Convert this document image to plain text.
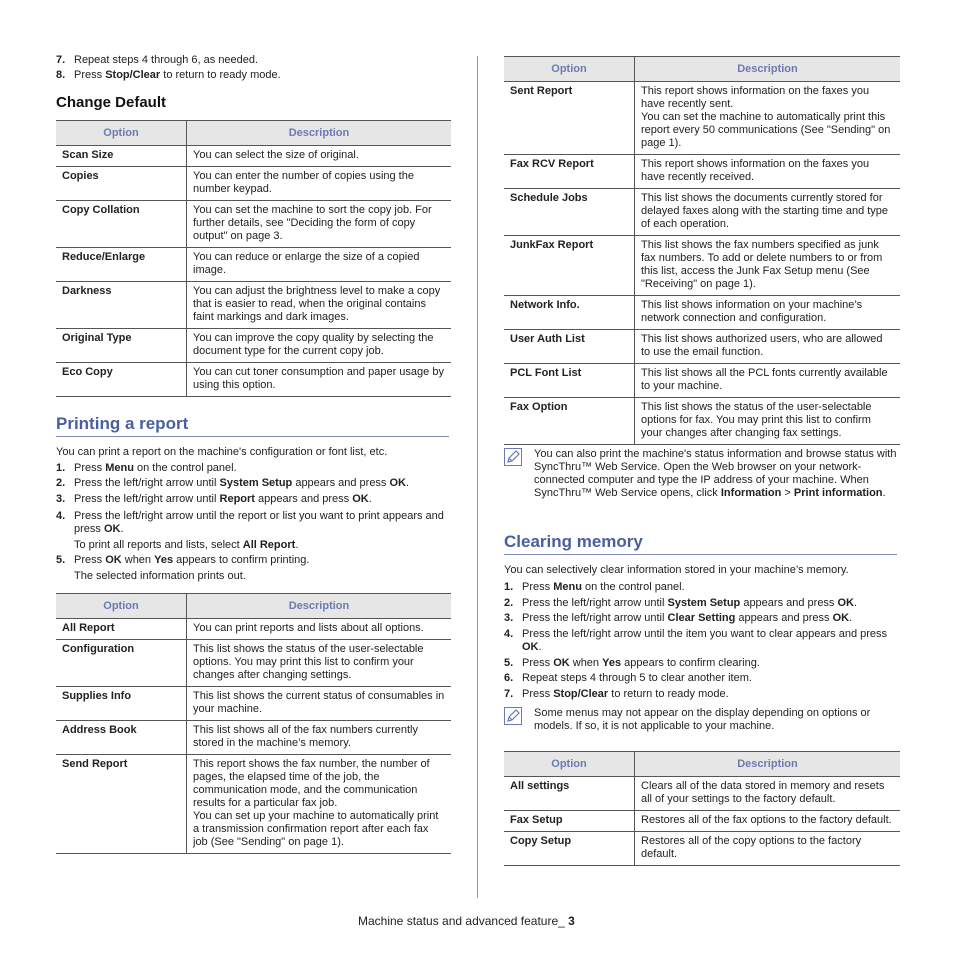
7. Repeat steps 4 through 6, as needed.
8. Press Stop/Clear to return to ready mode.
Change Default
Option	Description
Scan Size	You can select the size of original.
Copies	You can enter the number of copies using the number keypad.
Copy Collation	You can set the machine to sort the copy job. For further details, see "Deciding the form of copy output" on page 3.
Reduce/Enlarge	You can reduce or enlarge the size of a copied image.
Darkness	You can adjust the brightness level to make a copy that is easier to read, when the original contains faint markings and dark images.
Original Type	You can improve the copy quality by selecting the document type for the current copy job.
Eco Copy	You can cut toner consumption and paper usage by using this option.
Printing a report
You can print a report on the machine's configuration or font list, etc.
1. Press Menu on the control panel.
2. Press the left/right arrow until System Setup appears and press OK.
3. Press the left/right arrow until Report appears and press OK.
4. Press the left/right arrow until the report or list you want to print appears and press OK.
To print all reports and lists, select All Report.
5. Press OK when Yes appears to confirm printing.
The selected information prints out.
Option	Description
All Report	You can print reports and lists about all options.
Configuration	This list shows the status of the user-selectable options. You may print this list to confirm your changes after changing settings.
Supplies Info	This list shows the current status of consumables in your machine.
Address Book	This list shows all of the fax numbers currently stored in the machine’s memory.
Send Report	This report shows the fax number, the number of pages, the elapsed time of the job, the communication mode, and the communication results for a particular fax job.
You can set up your machine to automatically print a transmission confirmation report after each fax job (See "Sending" on page 1).
Option	Description
Sent Report	This report shows information on the faxes you have recently sent.
You can set the machine to automatically print this report every 50 communications (See "Sending" on page 1).
Fax RCV Report	This report shows information on the faxes you have recently received.
Schedule Jobs	This list shows the documents currently stored for delayed faxes along with the starting time and type of each operation.
JunkFax Report	This list shows the fax numbers specified as junk fax numbers. To add or delete numbers to or from this list, access the Junk Fax Setup menu (See "Receiving" on page 1).
Network Info.	This list shows information on your machine’s network connection and configuration.
User Auth List	This list shows authorized users, who are allowed to use the email function.
PCL Font List	This list shows all the PCL fonts currently available to your machine.
Fax Option	This list shows the status of the user-selectable options for fax. You may print this list to confirm your changes after changing fax settings.
You can also print the machine's status information and browse status with SyncThru™ Web Service. Open the Web browser on your network-connected computer and type the IP address of your machine. When SyncThru™ Web Service opens, click Information > Print information.
Clearing memory
You can selectively clear information stored in your machine’s memory.
1. Press Menu on the control panel.
2. Press the left/right arrow until System Setup appears and press OK.
3. Press the left/right arrow until Clear Setting appears and press OK.
4. Press the left/right arrow until the item you want to clear appears and press OK.
5. Press OK when Yes appears to confirm clearing.
6. Repeat steps 4 through 5 to clear another item.
7. Press Stop/Clear to return to ready mode.
Some menus may not appear on the display depending on options or models. If so, it is not applicable to your machine.
Option	Description
All settings	Clears all of the data stored in memory and resets all of your settings to the factory default.
Fax Setup	Restores all of the fax options to the factory default.
Copy Setup	Restores all of the copy options to the factory default.
Machine status and advanced feature_ 3
